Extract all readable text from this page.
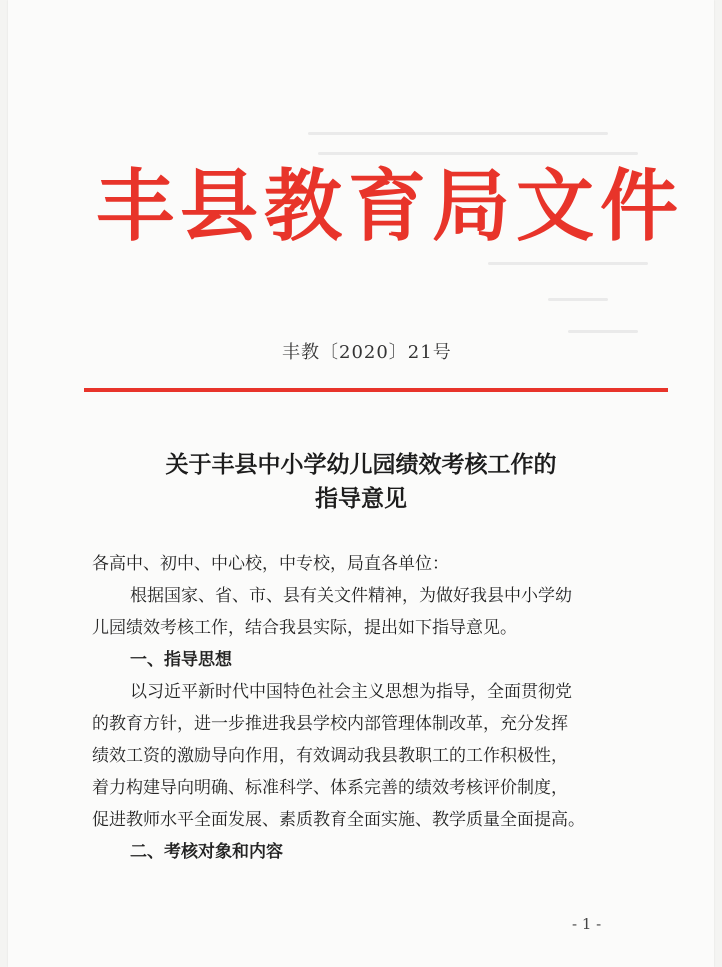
丰县教育局文件
丰教〔2020〕21号
关于丰县中小学幼儿园绩效考核工作的
指导意见

各高中、初中、中心校，中专校，局直各单位：

根据国家、省、市、县有关文件精神，为做好我县中小学幼

儿园绩效考核工作，结合我县实际，提出如下指导意见。

一、指导思想

以习近平新时代中国特色社会主义思想为指导，全面贯彻党

的教育方针，进一步推进我县学校内部管理体制改革，充分发挥

绩效工资的激励导向作用，有效调动我县教职工的工作积极性，

着力构建导向明确、标准科学、体系完善的绩效考核评价制度，

促进教师水平全面发展、素质教育全面实施、教学质量全面提高。

二、考核对象和内容

- 1 -
